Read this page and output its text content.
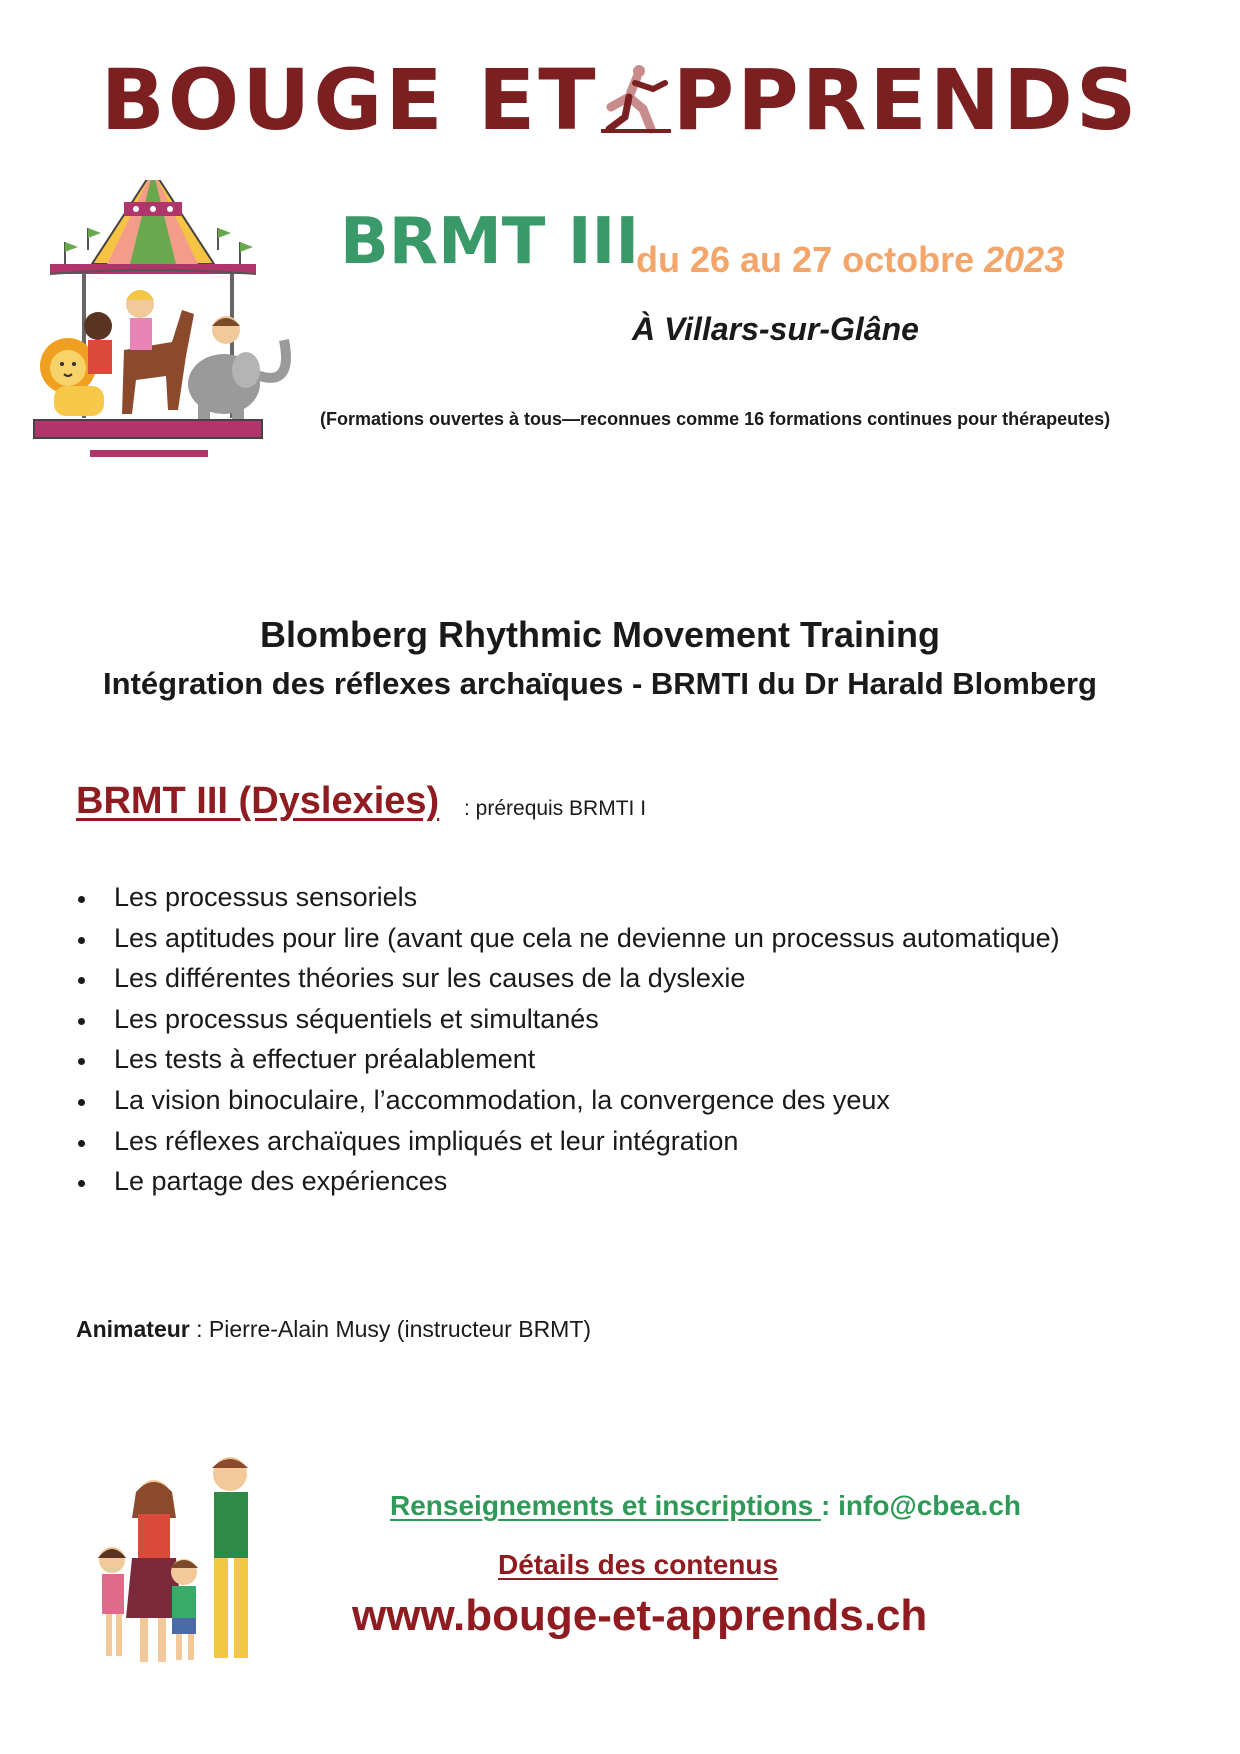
BOUGE ET PPRENDS
BRMT III
du 26 au 27 octobre 2023
À Villars-sur-Glâne
(Formations ouvertes à tous—reconnues comme 16 formations continues pour thérapeutes)
Blomberg Rhythmic Movement Training
Intégration des réflexes archaïques - BRMTI du Dr Harald Blomberg
BRMT III (Dyslexies) : prérequis BRMTI I
Les processus sensoriels
Les aptitudes pour lire (avant que cela ne devienne un processus automatique)
Les différentes théories sur les causes de la dyslexie
Les processus séquentiels et simultanés
Les tests à effectuer préalablement
La vision binoculaire, l’accommodation, la convergence des yeux
Les réflexes archaïques impliqués et leur intégration
Le partage des expériences
Animateur : Pierre-Alain Musy (instructeur BRMT)
Renseignements et inscriptions : info@cbea.ch
Détails des contenus
www.bouge-et-apprends.ch
